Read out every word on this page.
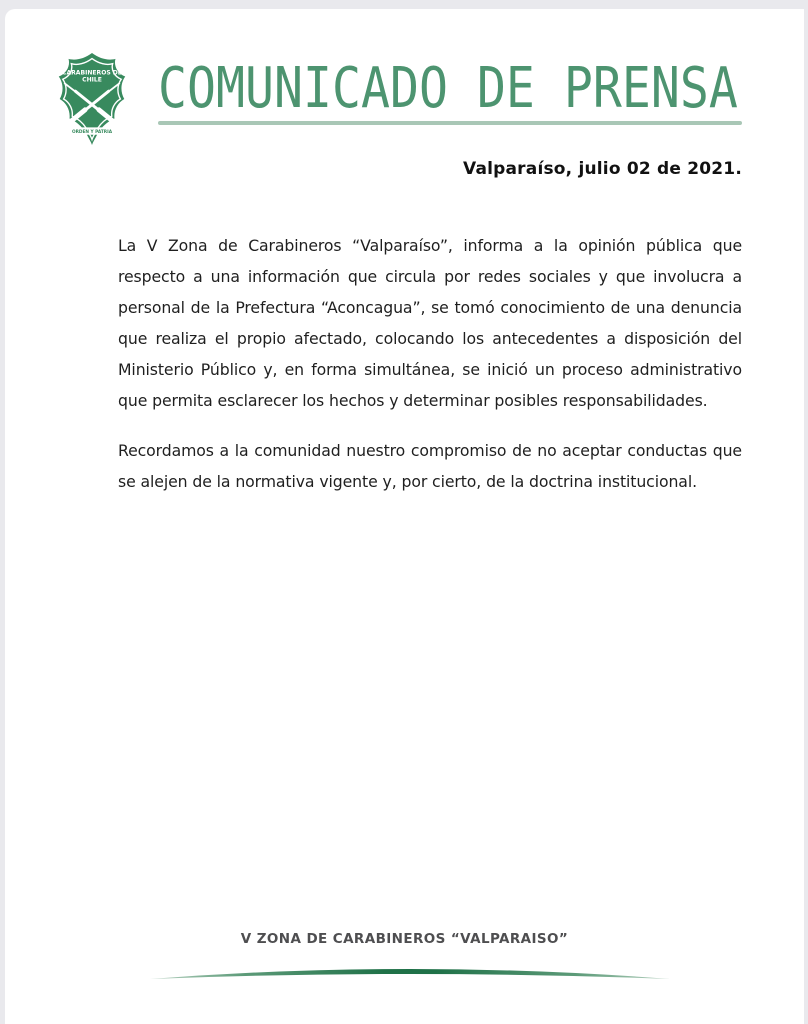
CARABINEROS DE
CHILE
ORDEN Y PATRIA
COMUNICADO DE PRENSA
Valparaíso, julio 02 de 2021.

La V Zona de Carabineros “Valparaíso”, informa a la opinión pública que respecto a una información que circula por redes sociales y que involucra a personal de la Prefectura “Aconcagua”, se tomó conocimiento de una denuncia que realiza el propio afectado, colocando los antecedentes a disposición del Ministerio Público y, en forma simultánea, se inició un proceso administrativo que permita esclarecer los hechos y determinar posibles responsabilidades.

Recordamos a la comunidad nuestro compromiso de no aceptar conductas que se alejen de la normativa vigente y, por cierto, de la doctrina institucional.

V ZONA DE CARABINEROS “VALPARAISO”
